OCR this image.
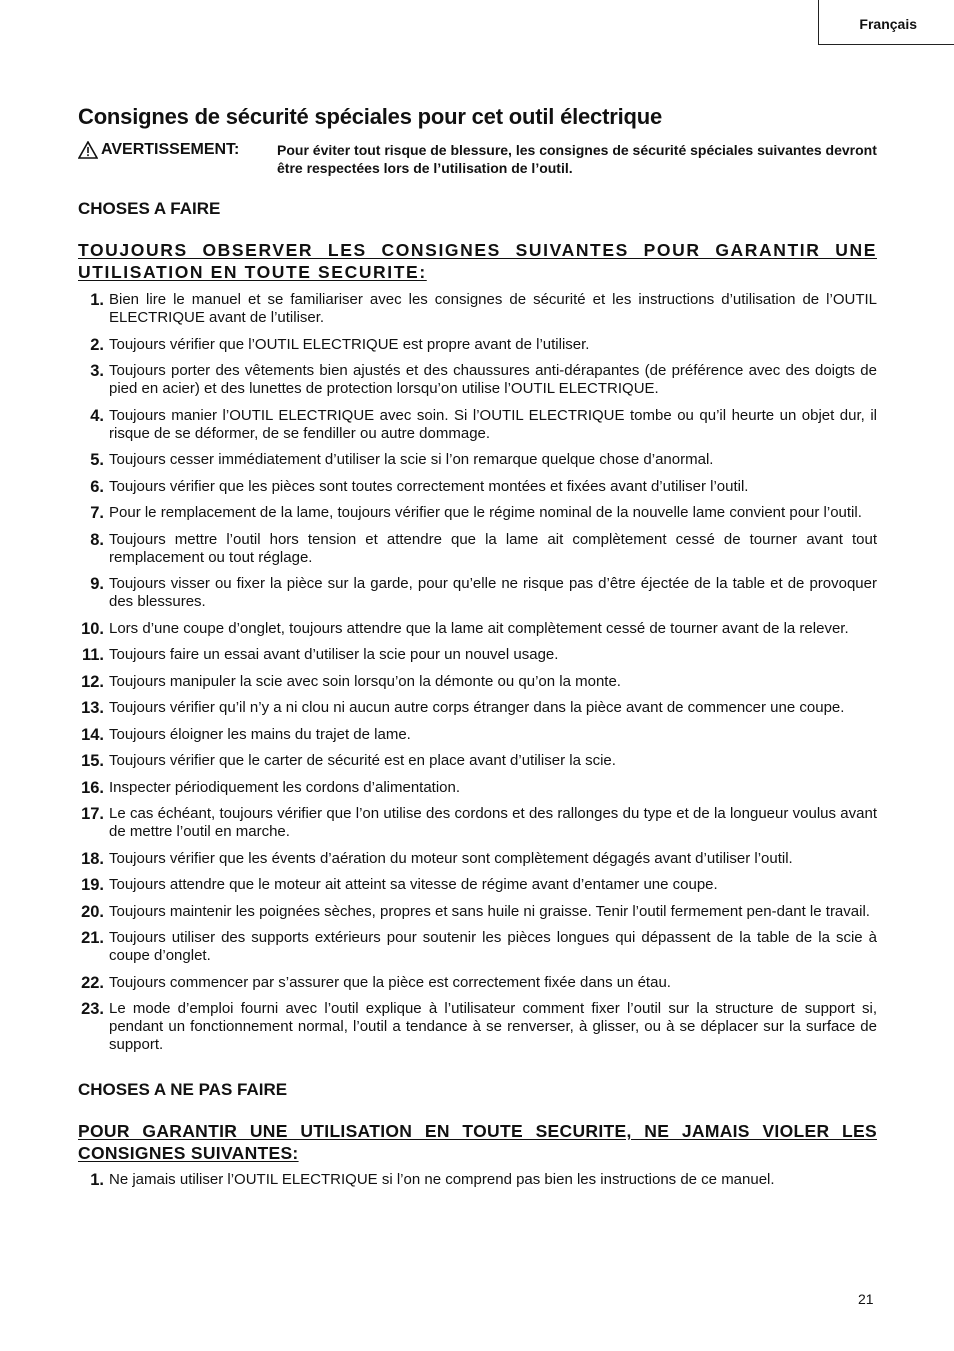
Français
Consignes de sécurité spéciales pour cet outil électrique
AVERTISSEMENT:	Pour éviter tout risque de blessure, les consignes de sécurité spéciales suivantes devront être respectées lors de l’utilisation de l’outil.
CHOSES A FAIRE

TOUJOURS OBSERVER LES CONSIGNES SUIVANTES POUR GARANTIR UNE UTILISATION EN TOUTE SECURITE:

1. Bien lire le manuel et se familiariser avec les consignes de sécurité et les instructions d’utilisation de l’OUTIL ELECTRIQUE avant de l’utiliser.
2. Toujours vérifier que l’OUTIL ELECTRIQUE est propre avant de l’utiliser.
3. Toujours porter des vêtements bien ajustés et des chaussures anti-dérapantes (de préférence avec des doigts de pied en acier) et des lunettes de protection lorsqu’on utilise l’OUTIL ELECTRIQUE.
4. Toujours manier l’OUTIL ELECTRIQUE avec soin. Si l’OUTIL ELECTRIQUE tombe ou qu’il heurte un objet dur, il risque de se déformer, de se fendiller ou autre dommage.
5. Toujours cesser immédiatement d’utiliser la scie si l’on remarque quelque chose d’anormal.
6. Toujours vérifier que les pièces sont toutes correctement montées et fixées avant d’utiliser l’outil.
7. Pour le remplacement de la lame, toujours vérifier que le régime nominal de la nouvelle lame convient pour l’outil.
8. Toujours mettre l’outil hors tension et attendre que la lame ait complètement cessé de tourner avant tout remplacement ou tout réglage.
9. Toujours visser ou fixer la pièce sur la garde, pour qu’elle ne risque pas d’être éjectée de la table et de provoquer des blessures.
10. Lors d’une coupe d’onglet, toujours attendre que la lame ait complètement cessé de tourner avant de la relever.
11. Toujours faire un essai avant d’utiliser la scie pour un nouvel usage.
12. Toujours manipuler la scie avec soin lorsqu’on la démonte ou qu’on la monte.
13. Toujours vérifier qu’il n’y a ni clou ni aucun autre corps étranger dans la pièce avant de commencer une coupe.
14. Toujours éloigner les mains du trajet de lame.
15. Toujours vérifier que le carter de sécurité est en place avant d’utiliser la scie.
16. Inspecter périodiquement les cordons d’alimentation.
17. Le cas échéant, toujours vérifier que l’on utilise des cordons et des rallonges du type et de la longueur voulus avant de mettre l’outil en marche.
18. Toujours vérifier que les évents d’aération du moteur sont complètement dégagés avant d’utiliser l’outil.
19. Toujours attendre que le moteur ait atteint sa vitesse de régime avant d’entamer une coupe.
20. Toujours maintenir les poignées sèches, propres et sans huile ni graisse. Tenir l’outil fermement pen-dant le travail.
21. Toujours utiliser des supports extérieurs pour soutenir les pièces longues qui dépassent de la table de la scie à coupe d’onglet.
22. Toujours commencer par s’assurer que la pièce est correctement fixée dans un étau.
23. Le mode d’emploi fourni avec l’outil explique à l’utilisateur comment fixer l’outil sur la structure de support si, pendant un fonctionnement normal, l’outil a tendance à se renverser, à glisser, ou à se déplacer sur la surface de support.
CHOSES A NE PAS FAIRE

POUR GARANTIR UNE UTILISATION EN TOUTE SECURITE, NE JAMAIS VIOLER LES CONSIGNES SUIVANTES:

1. Ne jamais utiliser l’OUTIL ELECTRIQUE si l’on ne comprend pas bien les instructions de ce manuel.
21
